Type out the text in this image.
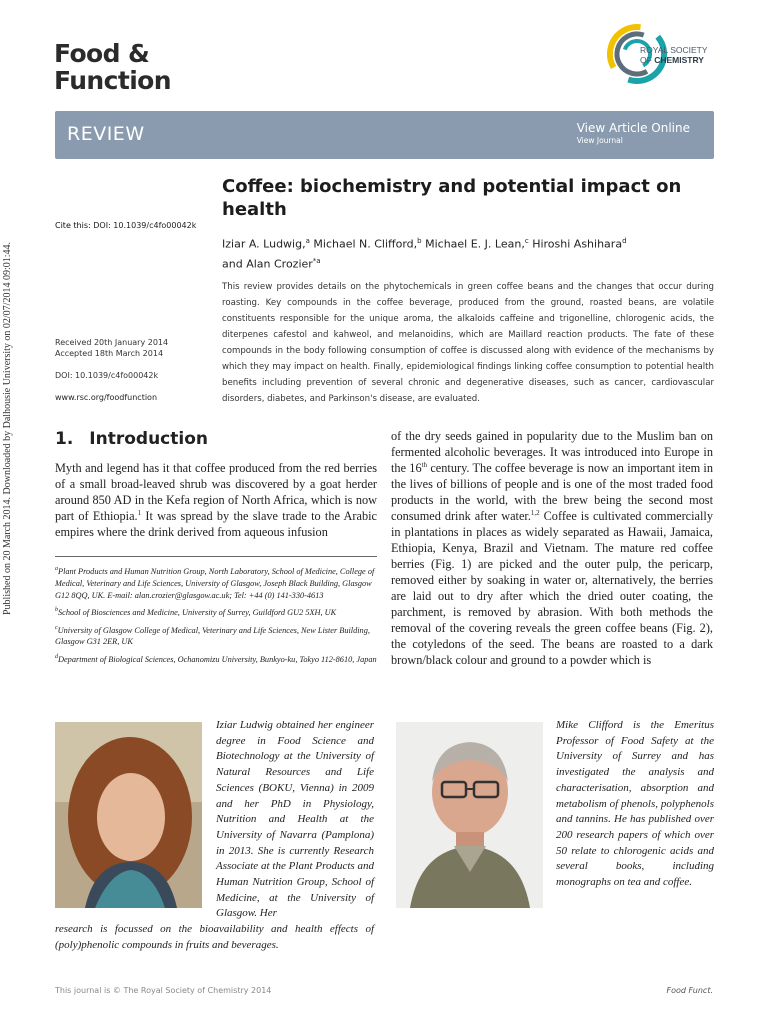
Published on 20 March 2014. Downloaded by Dalhousie University on 02/07/2014 09:01:44.
Food &
Function
ROYAL SOCIETY
OF CHEMISTRY
REVIEW	View Article Online
View Journal
Coffee: biochemistry and potential impact on health
Iziar A. Ludwig,$^a$ Michael N. Clifford,$^b$ Michael E. J. Lean,$^c$ Hiroshi Ashihara$^d$
and Alan Crozier$^{*a}$
Cite this: DOI: 10.1039/c4fo00042k

This review provides details on the phytochemicals in green coffee beans and the changes that occur during roasting. Key compounds in the coffee beverage, produced from the ground, roasted beans, are volatile constituents responsible for the unique aroma, the alkaloids caffeine and trigonelline, chlorogenic acids, the diterpenes cafestol and kahweol, and melanoidins, which are Maillard reaction products. The fate of these compounds in the body following consumption of coffee is discussed along with evidence of the mechanisms by which they may impact on health. Finally, epidemiological findings linking coffee consumption to potential health benefits including prevention of several chronic and degenerative diseases, such as cancer, cardiovascular disorders, diabetes, and Parkinson's disease, are evaluated.

Received 20th January 2014
Accepted 18th March 2014
DOI: 10.1039/c4fo00042k
www.rsc.org/foodfunction
1. Introduction
Myth and legend has it that coffee produced from the red berries of a small broad-leaved shrub was discovered by a goat herder around 850 AD in the Kefa region of North Africa, which is now part of Ethiopia.$^1$ It was spread by the slave trade to the Arabic empires where the drink derived from aqueous infusion

$^a$Plant Products and Human Nutrition Group, North Laboratory, School of Medicine, College of Medical, Veterinary and Life Sciences, University of Glasgow, Joseph Black Building, Glasgow G12 8QQ, UK. E-mail: alan.crozier@glasgow.ac.uk; Tel: +44 (0) 141-330-4613

$^b$School of Biosciences and Medicine, University of Surrey, Guildford GU2 5XH, UK

$^c$University of Glasgow College of Medical, Veterinary and Life Sciences, New Lister Building, Glasgow G31 2ER, UK

$^d$Department of Biological Sciences, Ochanomizu University, Bunkyo-ku, Tokyo 112-8610, Japan

of the dry seeds gained in popularity due to the Muslim ban on fermented alcoholic beverages. It was introduced into Europe in the 16th century. The coffee beverage is now an important item in the lives of billions of people and is one of the most traded food products in the world, with the brew being the second most consumed drink after water.$^{1,2}$ Coffee is cultivated commercially in plantations in places as widely separated as Hawaii, Jamaica, Ethiopia, Kenya, Brazil and Vietnam. The mature red coffee berries (Fig. 1) are picked and the outer pulp, the pericarp, removed either by soaking in water or, alternatively, the berries are laid out to dry after which the dried outer coating, the parchment, is removed by abrasion. With both methods the removal of the covering reveals the green coffee beans (Fig. 2), the cotyledons of the seed. The beans are roasted to a dark brown/black colour and ground to a powder which is
Iziar Ludwig obtained her engineer degree in Food Science and Biotechnology at the University of Natural Resources and Life Sciences (BOKU, Vienna) in 2009 and her PhD in Physiology, Nutrition and Health at the University of Navarra (Pamplona) in 2013. She is currently Research Associate at the Plant Products and Human Nutrition Group, School of Medicine, at the University of Glasgow. Her
research is focussed on the bioavailability and health effects of (poly)phenolic compounds in fruits and beverages.
Mike Clifford is the Emeritus Professor of Food Safety at the University of Surrey and has investigated the analysis and characterisation, absorption and metabolism of phenols, polyphenols and tannins. He has published over 200 research papers of which over 50 relate to chlorogenic acids and several books, including monographs on tea and coffee.
This journal is © The Royal Society of Chemistry 2014	Food Funct.
